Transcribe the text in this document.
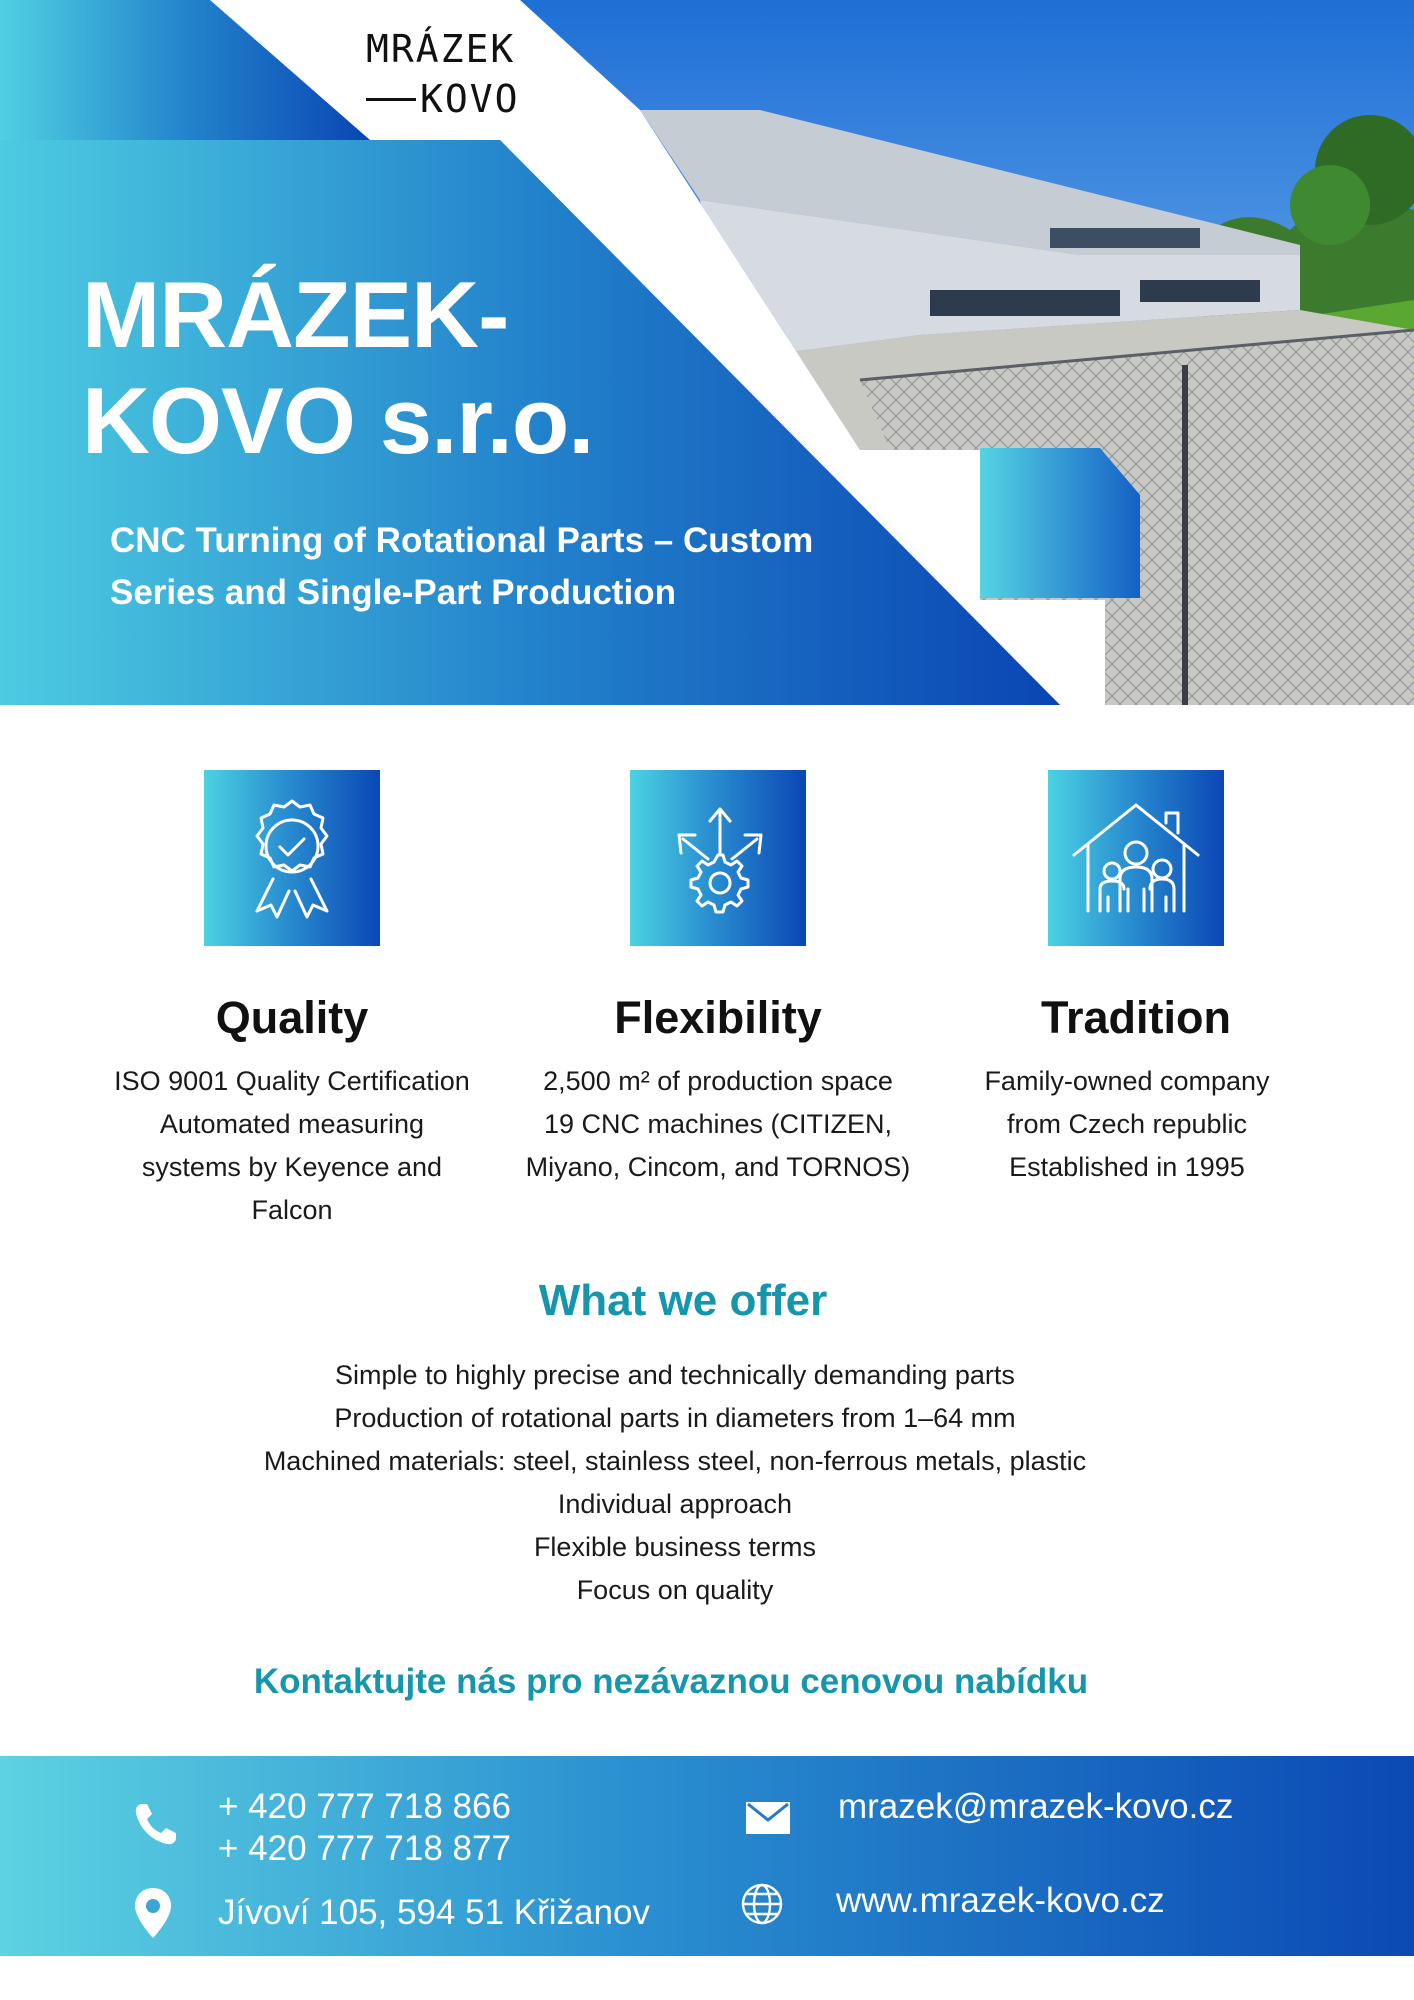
MRÁZEK
KOVO
MRÁZEK-
KOVO s.r.o.

CNC Turning of Rotational Parts – Custom
Series and Single-Part Production

Quality
ISO 9001 Quality Certification
Automated measuring
systems by Keyence and
Falcon
Flexibility
2,500 m² of production space
19 CNC machines (CITIZEN,
Miyano, Cincom, and TORNOS)
Tradition
Family-owned company
from Czech republic
Established in 1995
What we offer
Simple to highly precise and technically demanding parts
Production of rotational parts in diameters from 1–64 mm
Machined materials: steel, stainless steel, non-ferrous metals, plastic
Individual approach
Flexible business terms
Focus on quality
Kontaktujte nás pro nezávaznou cenovou nabídku
+ 420 777 718 866
+ 420 777 718 877
Jívoví 105, 594 51 Křižanov
mrazek@mrazek-kovo.cz
www.mrazek-kovo.cz
